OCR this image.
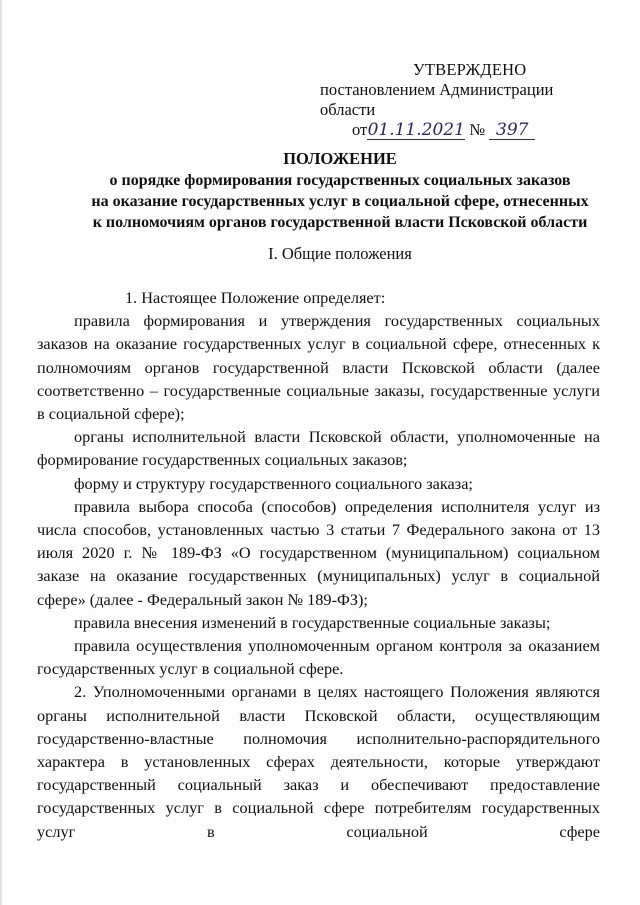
УТВЕРЖДЕНО
постановлением Администрации области
от01.11.2021 № 397
ПОЛОЖЕНИЕ
о порядке формирования государственных социальных заказов
на оказание государственных услуг в социальной сфере, отнесенных
к полномочиям органов государственной власти Псковской области
I. Общие положения

1. Настоящее Положение определяет:

правила формирования и утверждения государственных социальных заказов на оказание государственных услуг в социальной сфере, отнесенных к полномочиям органов государственной власти Псковской области (далее соответственно – государственные социальные заказы, государственные услуги в социальной сфере);

органы исполнительной власти Псковской области, уполномоченные на формирование государственных социальных заказов;

форму и структуру государственного социального заказа;

правила выбора способа (способов) определения исполнителя услуг из числа способов, установленных частью 3 статьи 7 Федерального закона от 13 июля 2020 г. № 189-ФЗ «О государственном (муниципальном) социальном заказе на оказание государственных (муниципальных) услуг в социальной сфере» (далее - Федеральный закон № 189-ФЗ);

правила внесения изменений в государственные социальные заказы;

правила осуществления уполномоченным органом контроля за оказанием государственных услуг в социальной сфере.

2. Уполномоченными органами в целях настоящего Положения являются органы исполнительной власти Псковской области, осуществляющим государственно-властные полномочия исполнительно-распорядительного характера в установленных сферах деятельности, которые утверждают государственный социальный заказ и обеспечивают предоставление государственных услуг в социальной сфере потребителям государственных услуг в социальной сфере
